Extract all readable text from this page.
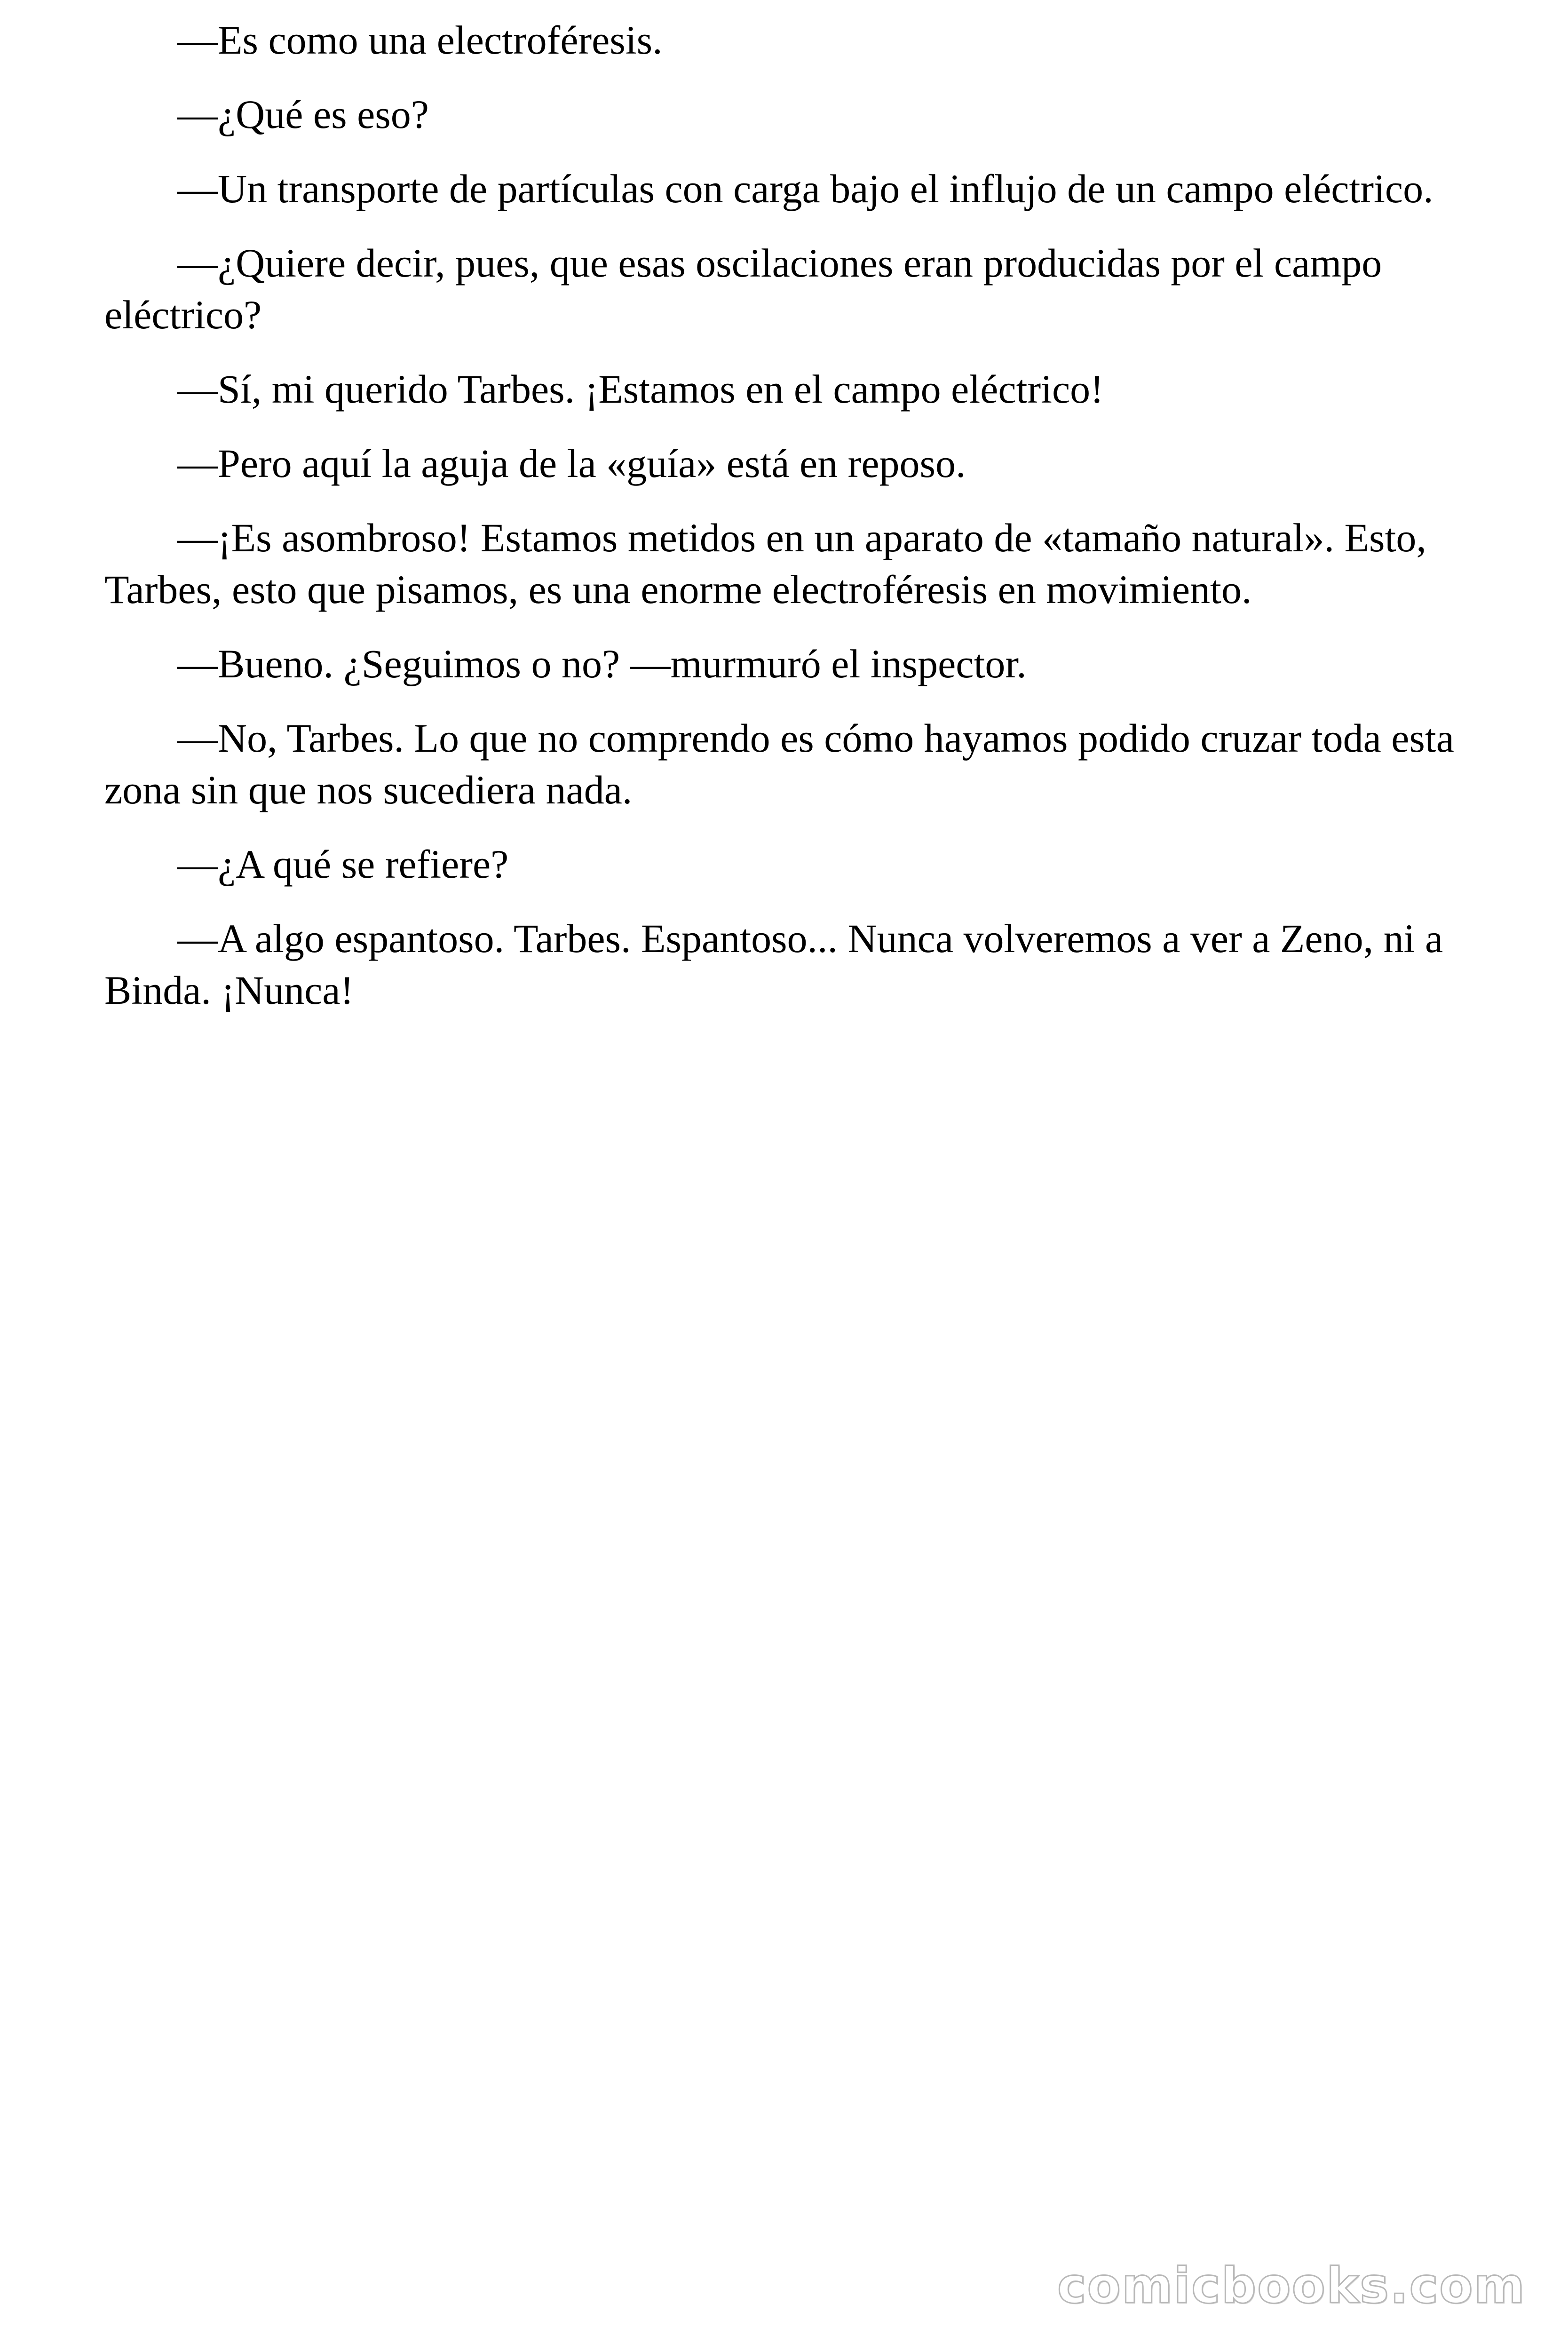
—Es como una electroféresis.

—¿Qué es eso?

—Un transporte de partículas con carga bajo el influjo de un campo eléctrico.

—¿Quiere decir, pues, que esas oscilaciones eran producidas por el campo eléctrico?

—Sí, mi querido Tarbes. ¡Estamos en el campo eléctrico!

—Pero aquí la aguja de la «guía» está en reposo.

—¡Es asombroso! Estamos metidos en un aparato de «tamaño natural». Esto, Tarbes, esto que pisamos, es una enorme electroféresis en movimiento.

—Bueno. ¿Seguimos o no? —murmuró el inspector.

—No, Tarbes. Lo que no comprendo es cómo hayamos podido cruzar toda esta zona sin que nos sucediera nada.

—¿A qué se refiere?

—A algo espantoso. Tarbes. Espantoso... Nunca volveremos a ver a Zeno, ni a Binda. ¡Nunca!

comicbooks.com
